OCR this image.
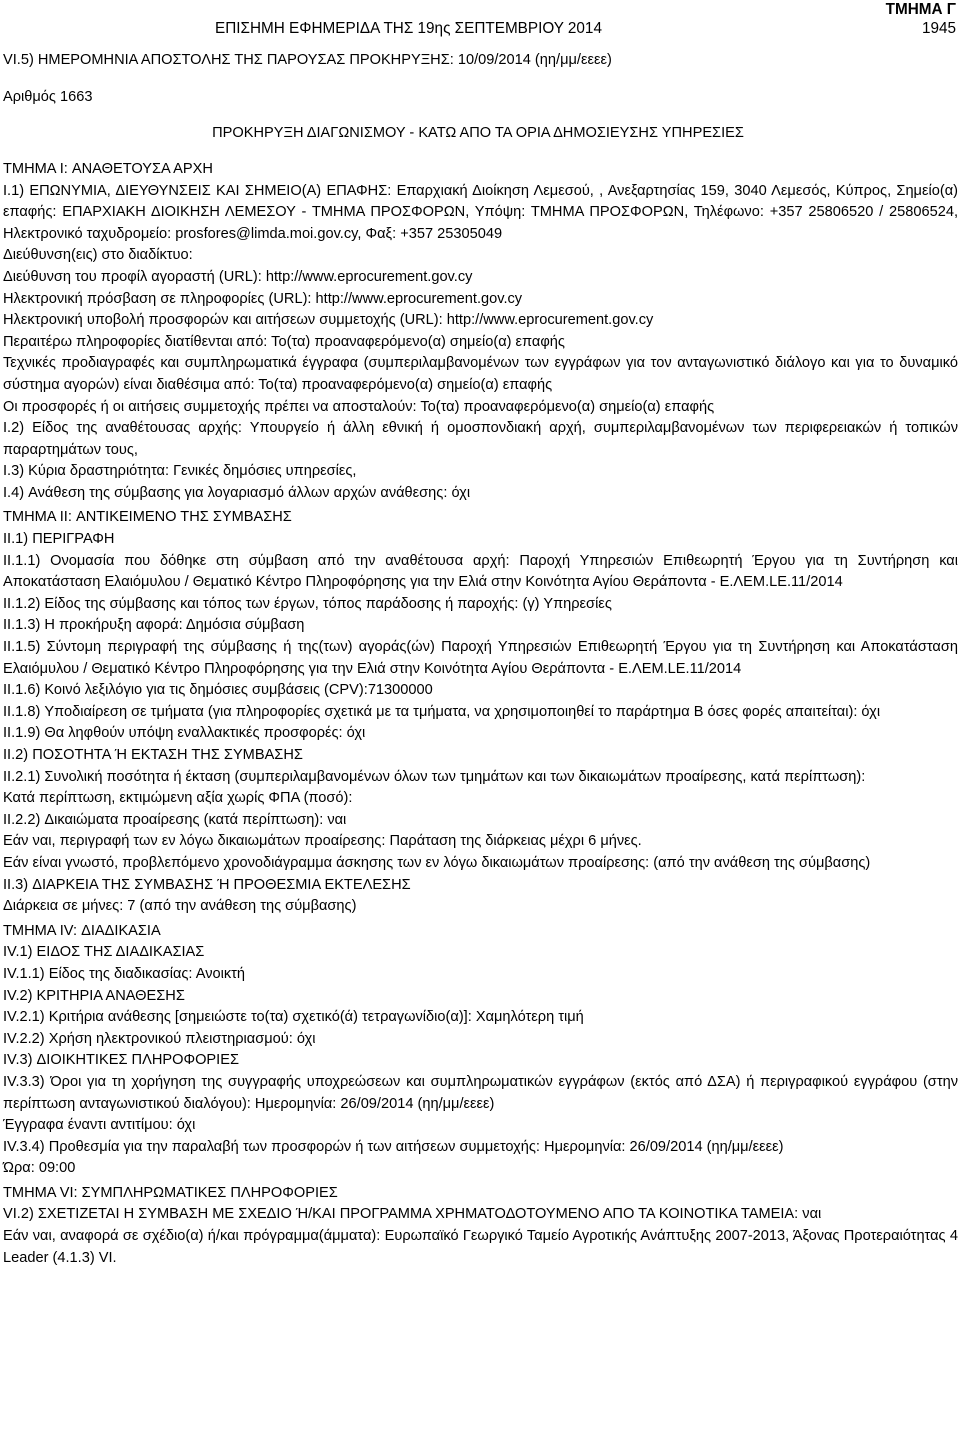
ΕΠΙΣΗΜΗ ΕΦΗΜΕΡΙΔΑ ΤΗΣ 19ης ΣΕΠΤΕΜΒΡΙΟΥ 2014
ΤΜΗΜΑ Γ
1945

VI.5) ΗΜΕΡΟΜΗΝΙΑ ΑΠΟΣΤΟΛΗΣ ΤΗΣ ΠΑΡΟΥΣΑΣ ΠΡΟΚΗΡΥΞΗΣ: 10/09/2014 (ηη/μμ/εεεε)

Αριθμός 1663

ΠΡΟΚΗΡΥΞΗ ΔΙΑΓΩΝΙΣΜΟΥ - ΚΑΤΩ ΑΠΟ ΤΑ ΟΡΙΑ ΔΗΜΟΣΙΕΥΣΗΣ ΥΠΗΡΕΣΙΕΣ

ΤΜΗΜΑ I: ΑΝΑΘΕΤΟΥΣΑ ΑΡΧΗ

I.1) ΕΠΩΝΥΜΙΑ, ΔΙΕΥΘΥΝΣΕΙΣ ΚΑΙ ΣΗΜΕΙΟ(Α) ΕΠΑΦΗΣ: Επαρχιακή Διοίκηση Λεμεσού, , Ανεξαρτησίας 159, 3040 Λεμεσός, Κύπρος, Σημείο(α) επαφής: ΕΠΑΡΧΙΑΚΗ ΔΙΟΙΚΗΣΗ ΛΕΜΕΣΟΥ - ΤΜΗΜΑ ΠΡΟΣΦΟΡΩΝ, Υπόψη: ΤΜΗΜΑ ΠΡΟΣΦΟΡΩΝ, Τηλέφωνο: +357 25806520 / 25806524, Ηλεκτρονικό ταχυδρομείο: prosfores@limda.moi.gov.cy, Φαξ: +357 25305049

Διεύθυνση(εις) στο διαδίκτυο:

Διεύθυνση του προφίλ αγοραστή (URL): http://www.eprocurement.gov.cy

Ηλεκτρονική πρόσβαση σε πληροφορίες (URL): http://www.eprocurement.gov.cy

Ηλεκτρονική υποβολή προσφορών και αιτήσεων συμμετοχής (URL): http://www.eprocurement.gov.cy

Περαιτέρω πληροφορίες διατίθενται από: Το(τα) προαναφερόμενο(α) σημείο(α) επαφής

Τεχνικές προδιαγραφές και συμπληρωματικά έγγραφα (συμπεριλαμβανομένων των εγγράφων για τον ανταγωνιστικό διάλογο και για το δυναμικό σύστημα αγορών) είναι διαθέσιμα από: Το(τα) προαναφερόμενο(α) σημείο(α) επαφής

Οι προσφορές ή οι αιτήσεις συμμετοχής πρέπει να αποσταλούν: Το(τα) προαναφερόμενο(α) σημείο(α) επαφής

I.2) Είδος της αναθέτουσας αρχής: Υπουργείο ή άλλη εθνική ή ομοσπονδιακή αρχή, συμπεριλαμβανομένων των περιφερειακών ή τοπικών παραρτημάτων τους,

I.3) Κύρια δραστηριότητα: Γενικές δημόσιες υπηρεσίες,

I.4) Ανάθεση της σύμβασης για λογαριασμό άλλων αρχών ανάθεσης: όχι

ΤΜΗΜΑ II: ΑΝΤΙΚΕΙΜΕΝΟ ΤΗΣ ΣΥΜΒΑΣΗΣ

II.1) ΠΕΡΙΓΡΑΦΗ

II.1.1) Ονομασία που δόθηκε στη σύμβαση από την αναθέτουσα αρχή: Παροχή Υπηρεσιών Επιθεωρητή Έργου για τη Συντήρηση και Αποκατάσταση Ελαιόμυλου / Θεματικό Κέντρο Πληροφόρησης για την Ελιά στην Κοινότητα Αγίου Θεράποντα - Ε.ΛΕΜ.LE.11/2014

II.1.2) Είδος της σύμβασης και τόπος των έργων, τόπος παράδοσης ή παροχής: (γ) Υπηρεσίες

II.1.3) Η προκήρυξη αφορά: Δημόσια σύμβαση

II.1.5) Σύντομη περιγραφή της σύμβασης ή της(των) αγοράς(ών) Παροχή Υπηρεσιών Επιθεωρητή Έργου για τη Συντήρηση και Αποκατάσταση Ελαιόμυλου / Θεματικό Κέντρο Πληροφόρησης για την Ελιά στην Κοινότητα Αγίου Θεράποντα - Ε.ΛΕΜ.LE.11/2014

II.1.6) Κοινό λεξιλόγιο για τις δημόσιες συμβάσεις (CPV):71300000

II.1.8) Υποδιαίρεση σε τμήματα (για πληροφορίες σχετικά με τα τμήματα, να χρησιμοποιηθεί το παράρτημα Β όσες φορές απαιτείται): όχι

II.1.9) Θα ληφθούν υπόψη εναλλακτικές προσφορές: όχι

II.2) ΠΟΣΟΤΗΤΑ Ή ΕΚΤΑΣΗ ΤΗΣ ΣΥΜΒΑΣΗΣ

II.2.1) Συνολική ποσότητα ή έκταση (συμπεριλαμβανομένων όλων των τμημάτων και των δικαιωμάτων προαίρεσης, κατά περίπτωση):

Κατά περίπτωση, εκτιμώμενη αξία χωρίς ΦΠΑ (ποσό):

II.2.2) Δικαιώματα προαίρεσης (κατά περίπτωση): ναι

Εάν ναι, περιγραφή των εν λόγω δικαιωμάτων προαίρεσης: Παράταση της διάρκειας μέχρι 6 μήνες.

Εάν είναι γνωστό, προβλεπόμενο χρονοδιάγραμμα άσκησης των εν λόγω δικαιωμάτων προαίρεσης: (από την ανάθεση της σύμβασης)

II.3) ΔΙΑΡΚΕΙΑ ΤΗΣ ΣΥΜΒΑΣΗΣ Ή ΠΡΟΘΕΣΜΙΑ ΕΚΤΕΛΕΣΗΣ

Διάρκεια σε μήνες: 7 (από την ανάθεση της σύμβασης)

ΤΜΗΜΑ IV: ΔΙΑΔΙΚΑΣΙΑ

IV.1) ΕΙΔΟΣ ΤΗΣ ΔΙΑΔΙΚΑΣΙΑΣ

IV.1.1) Είδος της διαδικασίας: Ανοικτή

IV.2) ΚΡΙΤΗΡΙΑ ΑΝΑΘΕΣΗΣ

IV.2.1) Κριτήρια ανάθεσης [σημειώστε το(τα) σχετικό(ά) τετραγωνίδιο(α)]: Χαμηλότερη τιμή

IV.2.2) Χρήση ηλεκτρονικού πλειστηριασμού: όχι

IV.3) ΔΙΟΙΚΗΤΙΚΕΣ ΠΛΗΡΟΦΟΡΙΕΣ

IV.3.3) Όροι για τη χορήγηση της συγγραφής υποχρεώσεων και συμπληρωματικών εγγράφων (εκτός από ΔΣΑ) ή περιγραφικού εγγράφου (στην περίπτωση ανταγωνιστικού διαλόγου): Ημερομηνία: 26/09/2014 (ηη/μμ/εεεε)

Έγγραφα έναντι αντιτίμου: όχι

IV.3.4) Προθεσμία για την παραλαβή των προσφορών ή των αιτήσεων συμμετοχής: Ημερομηνία: 26/09/2014 (ηη/μμ/εεεε)

Ώρα: 09:00

ΤΜΗΜΑ VI: ΣΥΜΠΛΗΡΩΜΑΤΙΚΕΣ ΠΛΗΡΟΦΟΡΙΕΣ

VI.2) ΣΧΕΤΙΖΕΤΑΙ Η ΣΥΜΒΑΣΗ ΜΕ ΣΧΕΔΙΟ Ή/ΚΑΙ ΠΡΟΓΡΑΜΜΑ ΧΡΗΜΑΤΟΔΟΤΟΥΜΕΝΟ ΑΠΟ ΤΑ ΚΟΙΝΟΤΙΚΑ ΤΑΜΕΙΑ: ναι

Εάν ναι, αναφορά σε σχέδιο(α) ή/και πρόγραμμα(άμματα): Ευρωπαϊκό Γεωργικό Ταμείο Αγροτικής Ανάπτυξης 2007-2013, Άξονας Προτεραιότητας 4 Leader (4.1.3) VI.
